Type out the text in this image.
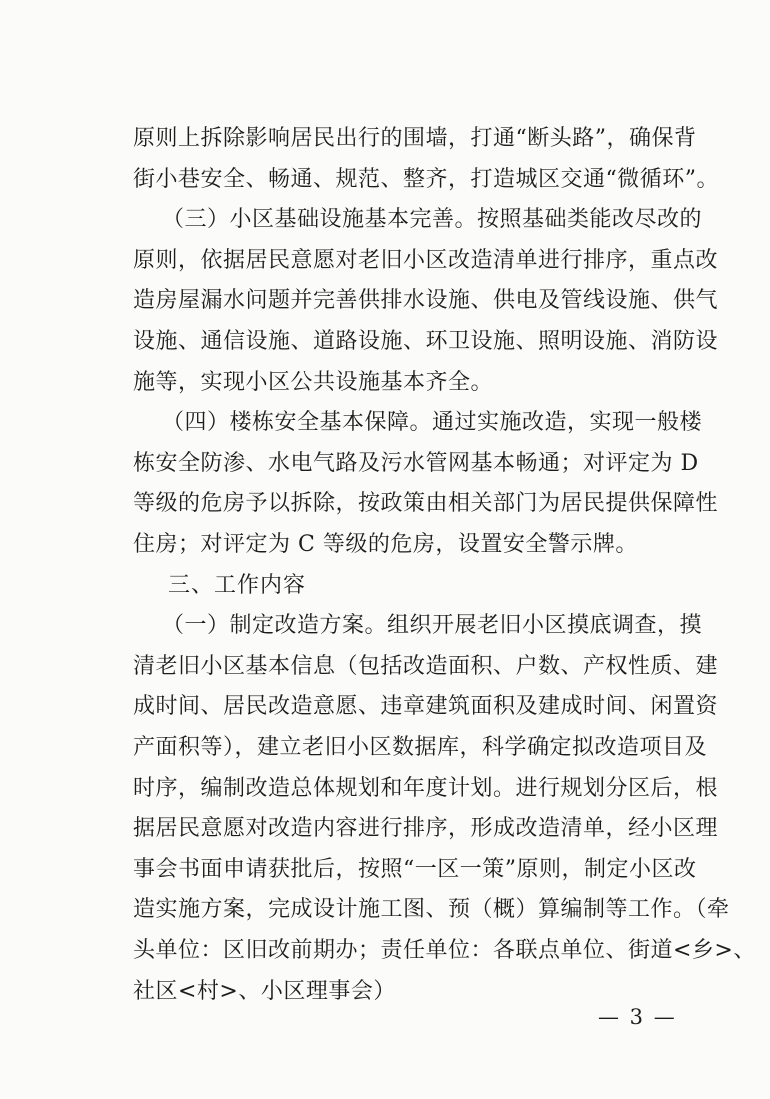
原则上拆除影响居民出行的围墙，打通“断头路”，确保背
街小巷安全、畅通、规范、整齐，打造城区交通“微循环”。
（三）小区基础设施基本完善。按照基础类能改尽改的
原则，依据居民意愿对老旧小区改造清单进行排序，重点改
造房屋漏水问题并完善供排水设施、供电及管线设施、供气
设施、通信设施、道路设施、环卫设施、照明设施、消防设
施等，实现小区公共设施基本齐全。
（四）楼栋安全基本保障。通过实施改造，实现一般楼
栋安全防渗、水电气路及污水管网基本畅通；对评定为 D
等级的危房予以拆除，按政策由相关部门为居民提供保障性
住房；对评定为 C 等级的危房，设置安全警示牌。
三、工作内容
（一）制定改造方案。组织开展老旧小区摸底调查，摸
清老旧小区基本信息（包括改造面积、户数、产权性质、建
成时间、居民改造意愿、违章建筑面积及建成时间、闲置资
产面积等），建立老旧小区数据库，科学确定拟改造项目及
时序，编制改造总体规划和年度计划。进行规划分区后，根
据居民意愿对改造内容进行排序，形成改造清单，经小区理
事会书面申请获批后，按照“一区一策”原则，制定小区改
造实施方案，完成设计施工图、预（概）算编制等工作。（牵
头单位：区旧改前期办；责任单位：各联点单位、街道<乡>、
社区<村>、小区理事会）
— 3 —
